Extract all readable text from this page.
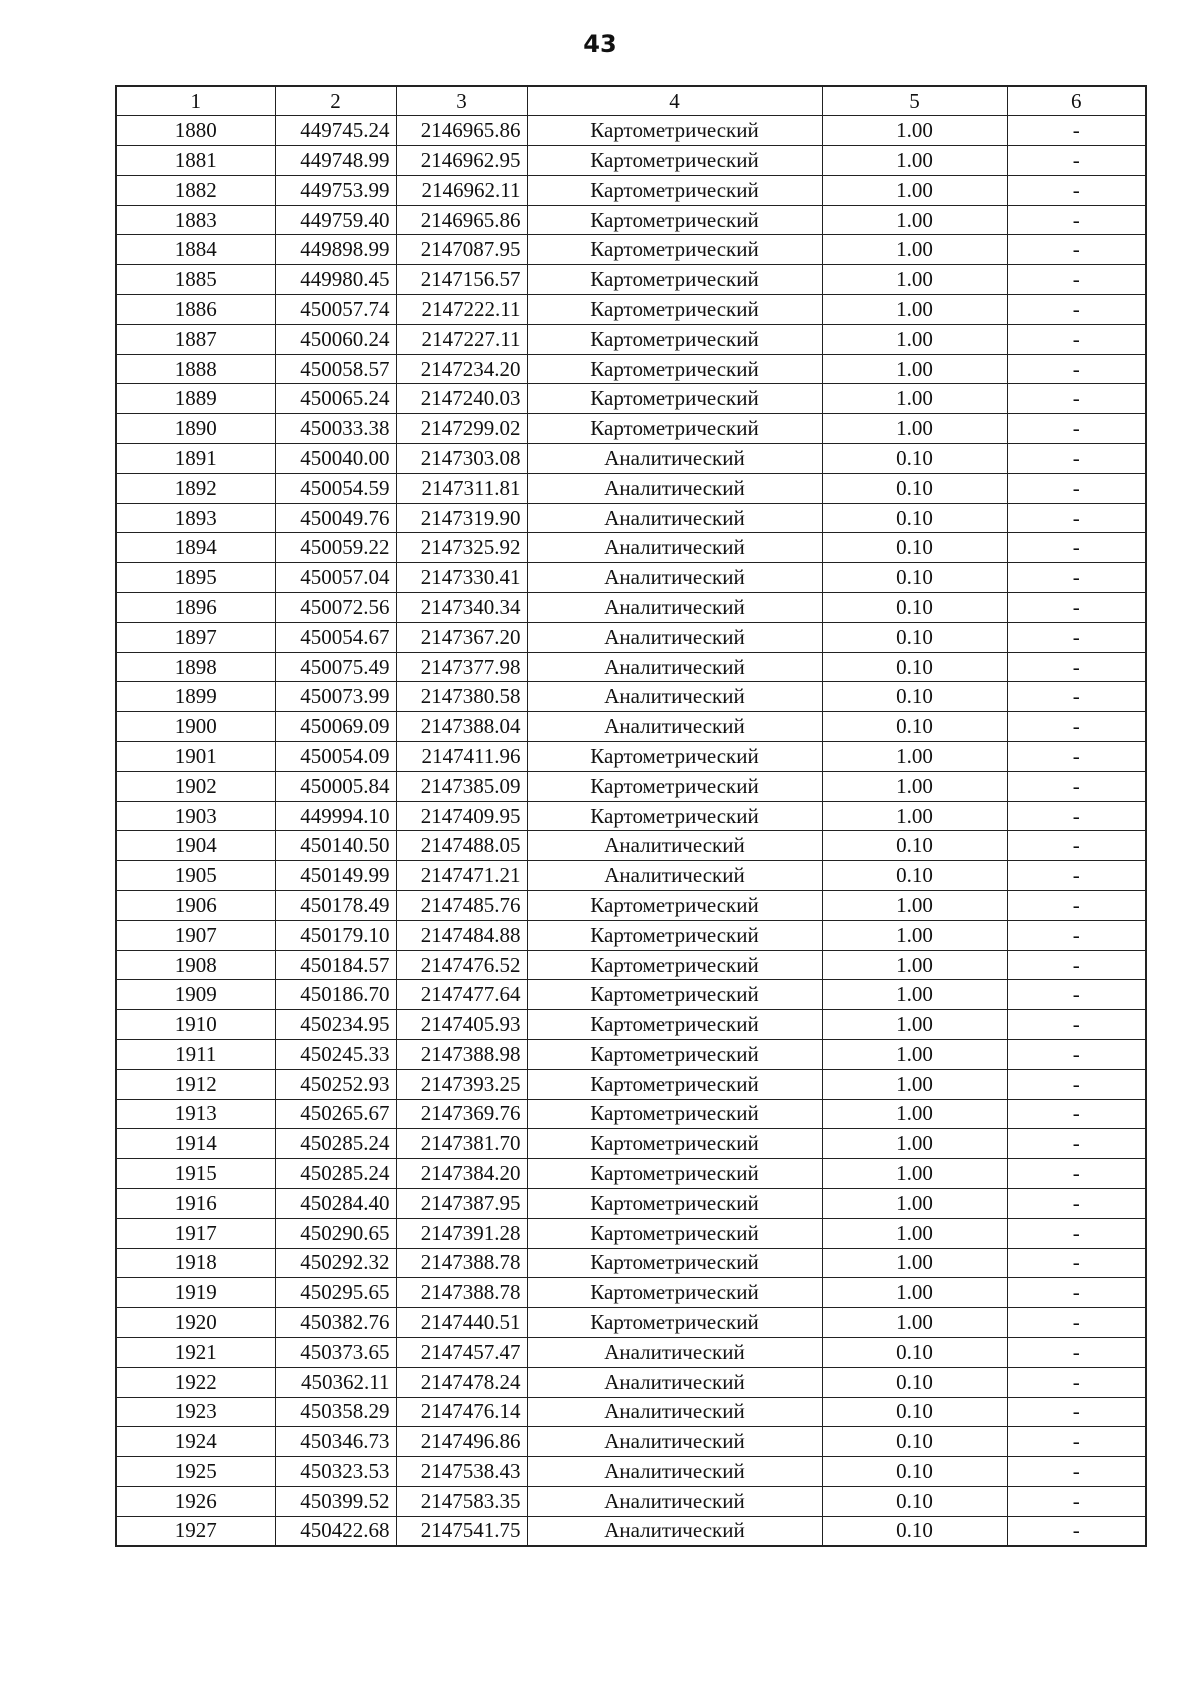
43
1	2	3	4	5	6
1880	449745.24	2146965.86	Картометрический	1.00	-
1881	449748.99	2146962.95	Картометрический	1.00	-
1882	449753.99	2146962.11	Картометрический	1.00	-
1883	449759.40	2146965.86	Картометрический	1.00	-
1884	449898.99	2147087.95	Картометрический	1.00	-
1885	449980.45	2147156.57	Картометрический	1.00	-
1886	450057.74	2147222.11	Картометрический	1.00	-
1887	450060.24	2147227.11	Картометрический	1.00	-
1888	450058.57	2147234.20	Картометрический	1.00	-
1889	450065.24	2147240.03	Картометрический	1.00	-
1890	450033.38	2147299.02	Картометрический	1.00	-
1891	450040.00	2147303.08	Аналитический	0.10	-
1892	450054.59	2147311.81	Аналитический	0.10	-
1893	450049.76	2147319.90	Аналитический	0.10	-
1894	450059.22	2147325.92	Аналитический	0.10	-
1895	450057.04	2147330.41	Аналитический	0.10	-
1896	450072.56	2147340.34	Аналитический	0.10	-
1897	450054.67	2147367.20	Аналитический	0.10	-
1898	450075.49	2147377.98	Аналитический	0.10	-
1899	450073.99	2147380.58	Аналитический	0.10	-
1900	450069.09	2147388.04	Аналитический	0.10	-
1901	450054.09	2147411.96	Картометрический	1.00	-
1902	450005.84	2147385.09	Картометрический	1.00	-
1903	449994.10	2147409.95	Картометрический	1.00	-
1904	450140.50	2147488.05	Аналитический	0.10	-
1905	450149.99	2147471.21	Аналитический	0.10	-
1906	450178.49	2147485.76	Картометрический	1.00	-
1907	450179.10	2147484.88	Картометрический	1.00	-
1908	450184.57	2147476.52	Картометрический	1.00	-
1909	450186.70	2147477.64	Картометрический	1.00	-
1910	450234.95	2147405.93	Картометрический	1.00	-
1911	450245.33	2147388.98	Картометрический	1.00	-
1912	450252.93	2147393.25	Картометрический	1.00	-
1913	450265.67	2147369.76	Картометрический	1.00	-
1914	450285.24	2147381.70	Картометрический	1.00	-
1915	450285.24	2147384.20	Картометрический	1.00	-
1916	450284.40	2147387.95	Картометрический	1.00	-
1917	450290.65	2147391.28	Картометрический	1.00	-
1918	450292.32	2147388.78	Картометрический	1.00	-
1919	450295.65	2147388.78	Картометрический	1.00	-
1920	450382.76	2147440.51	Картометрический	1.00	-
1921	450373.65	2147457.47	Аналитический	0.10	-
1922	450362.11	2147478.24	Аналитический	0.10	-
1923	450358.29	2147476.14	Аналитический	0.10	-
1924	450346.73	2147496.86	Аналитический	0.10	-
1925	450323.53	2147538.43	Аналитический	0.10	-
1926	450399.52	2147583.35	Аналитический	0.10	-
1927	450422.68	2147541.75	Аналитический	0.10	-
